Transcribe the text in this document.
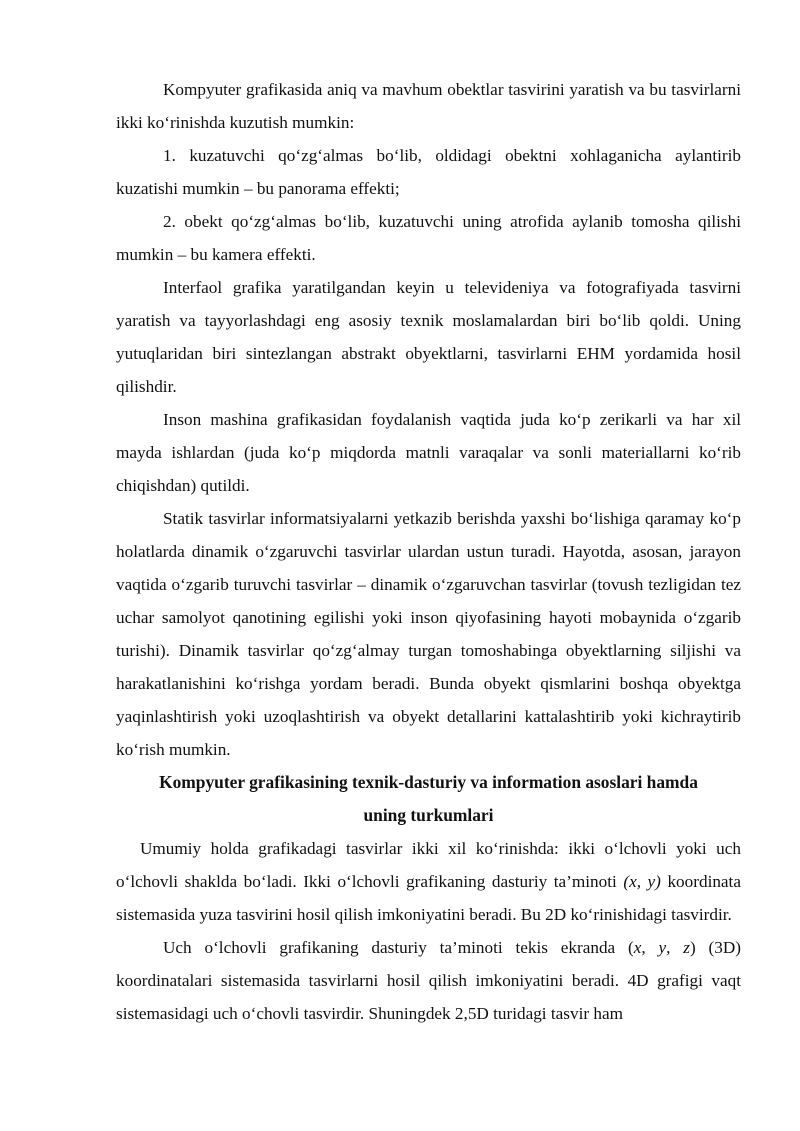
Kompyuter grafikasida aniq va mavhum obektlar tasvirini yaratish va bu tasvirlarni ikki ko‘rinishda kuzutish mumkin:

1. kuzatuvchi qo‘zg‘almas bo‘lib, oldidagi obektni xohlaganicha aylantirib kuzatishi mumkin – bu panorama effekti;

2. obekt qo‘zg‘almas bo‘lib, kuzatuvchi uning atrofida aylanib tomosha qilishi mumkin – bu kamera effekti.

Interfaol grafika yaratilgandan keyin u televideniya va fotografiyada tasvirni yaratish va tayyorlashdagi eng asosiy texnik moslamalardan biri bo‘lib qoldi. Uning yutuqlaridan biri sintezlangan abstrakt obyektlarni, tasvirlarni EHM yordamida hosil qilishdir.

Inson mashina grafikasidan foydalanish vaqtida juda ko‘p zerikarli va har xil mayda ishlardan (juda ko‘p miqdorda matnli varaqalar va sonli materiallarni ko‘rib chiqishdan) qutildi.

Statik tasvirlar informatsiyalarni yetkazib berishda yaxshi bo‘lishiga qaramay ko‘p holatlarda dinamik o‘zgaruvchi tasvirlar ulardan ustun turadi. Hayotda, asosan, jarayon vaqtida o‘zgarib turuvchi tasvirlar – dinamik o‘zgaruvchan tasvirlar (tovush tezligidan tez uchar samolyot qanotining egilishi yoki inson qiyofasining hayoti mobaynida o‘zgarib turishi). Dinamik tasvirlar qo‘zg‘almay turgan tomoshabinga obyektlarning siljishi va harakatlanishini ko‘rishga yordam beradi. Bunda obyekt qismlarini boshqa obyektga yaqinlashtirish yoki uzoqlashtirish va obyekt detallarini kattalashtirib yoki kichraytirib ko‘rish mumkin.

Kompyuter grafikasining texnik-dasturiy va information asoslari hamda
uning turkumlari

Umumiy holda grafikadagi tasvirlar ikki xil ko‘rinishda: ikki o‘lchovli yoki uch o‘lchovli shaklda bo‘ladi. Ikki o‘lchovli grafikaning dasturiy ta’minoti (x, y) koordinata sistemasida yuza tasvirini hosil qilish imkoniyatini beradi. Bu 2D ko‘rinishidagi tasvirdir.

Uch o‘lchovli grafikaning dasturiy ta’minoti tekis ekranda (x, y, z) (3D) koordinatalari sistemasida tasvirlarni hosil qilish imkoniyatini beradi. 4D grafigi vaqt sistemasidagi uch o‘chovli tasvirdir. Shuningdek 2,5D turidagi tasvir ham
